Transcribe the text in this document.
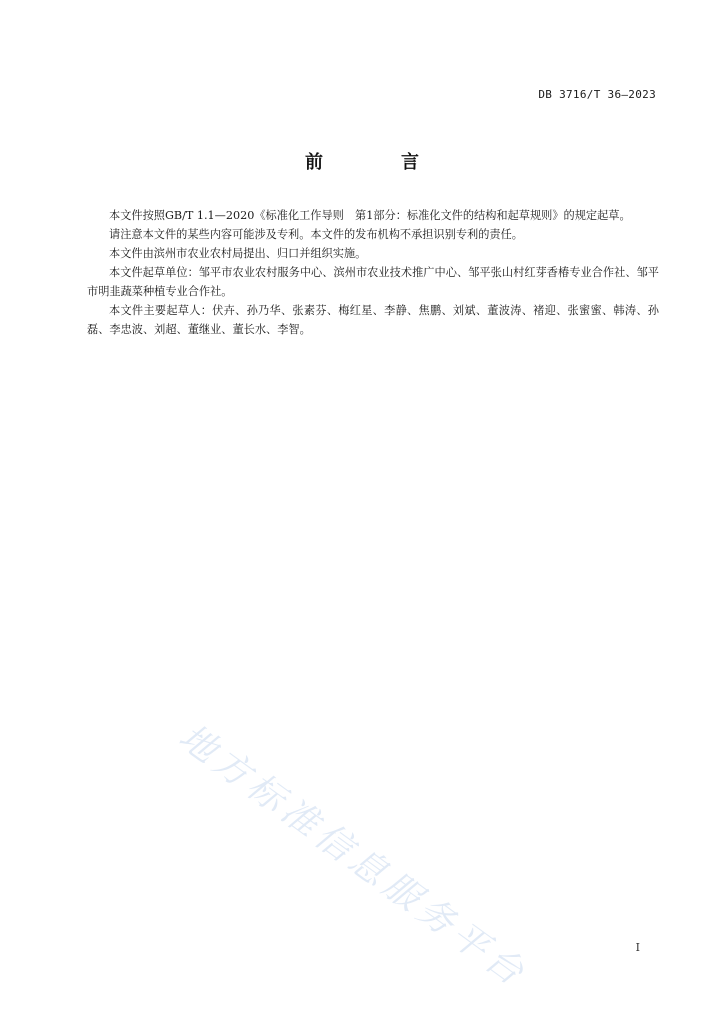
DB 3716/T 36—2023
前　言

本文件按照GB/T 1.1—2020《标准化工作导则　第1部分：标准化文件的结构和起草规则》的规定起草。

请注意本文件的某些内容可能涉及专利。本文件的发布机构不承担识别专利的责任。

本文件由滨州市农业农村局提出、归口并组织实施。

本文件起草单位：邹平市农业农村服务中心、滨州市农业技术推广中心、邹平张山村红芽香椿专业合作社、邹平市明韭蔬菜种植专业合作社。

本文件主要起草人：伏卉、孙乃华、张素芬、梅红星、李静、焦鹏、刘斌、董波涛、褚迎、张蜜蜜、韩涛、孙磊、李忠波、刘超、董继业、董长水、李智。

地方标准信息服务平台	I
